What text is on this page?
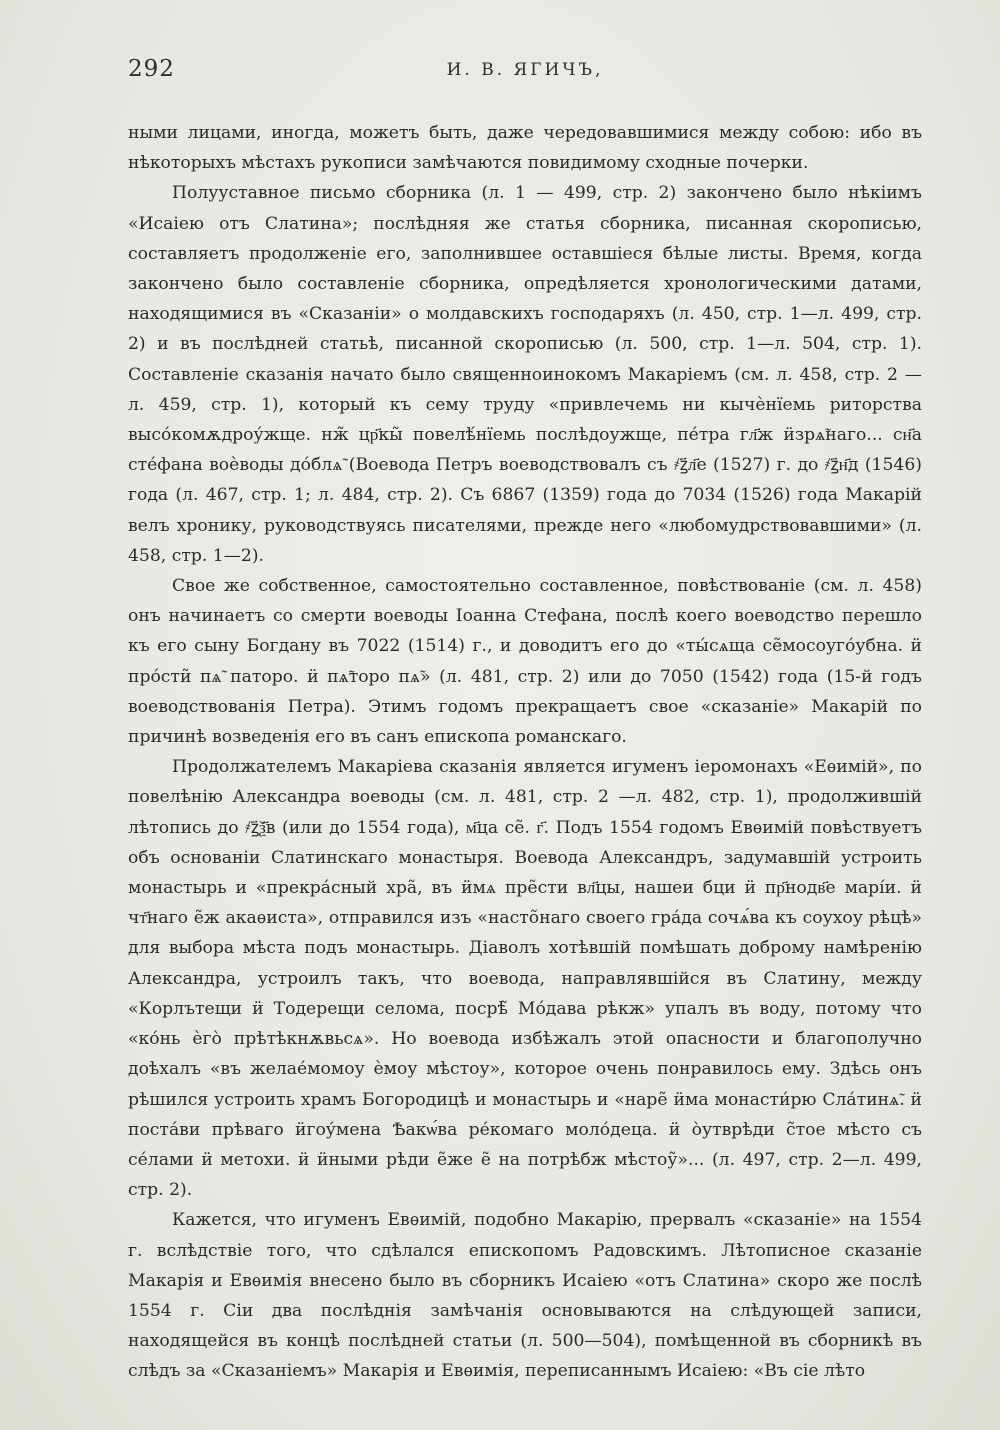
292	И. В. ЯГИЧЪ,

ными лицами, иногда, можетъ быть, даже чередовавшимися между собою: ибо въ нѣкоторыхъ мѣстахъ рукописи замѣчаются повидимому сходные почерки.

Полууставное письмо сборника (л. 1 — 499, стр. 2) закончено было нѣкіимъ «Исаіею отъ Слатина»; послѣдняя же статья сборника, писанная скорописью, составляетъ продолженіе его, заполнившее оставшіеся бѣлые листы. Время, когда закончено было составленіе сборника, опредѣляется хронологическими датами, находящимися въ «Сказаніи» о молдавскихъ господаряхъ (л. 450, стр. 1—л. 499, стр. 2) и въ послѣдней статьѣ, писанной скорописью (л. 500, стр. 1—л. 504, стр. 1). Составленіе сказанія начато было священноинокомъ Макаріемъ (см. л. 458, стр. 2 — л. 459, стр. 1), который къ сему труду «привлечемь ни кычѐнїемь риторства высо́комѫдроу́жще. нж̃ цр҃кы̃ повелѣ́нїемь послѣдоужще, пе́тра гл҃ж ӥзрѧ̃наго... сн҃а сте́фана воѐводы до́блѧ̃ (Воевода Петръ воеводствовалъ съ ҂ꙁ҃л҃е (1527) г. до ҂ꙁ҃н҃д (1546) года (л. 467, стр. 1; л. 484, стр. 2). Съ 6867 (1359) года до 7034 (1526) года Макарій велъ хронику, руководствуясь писателями, прежде него «любомудрствовавшими» (л. 458, стр. 1—2).

Свое же собственное, самостоятельно составленное, повѣствованіе (см. л. 458) онъ начинаетъ со смерти воеводы Іоанна Стефана, послѣ коего воеводство перешло къ его сыну Богдану въ 7022 (1514) г., и доводитъ его до «ты́сѧща се̃мосоуго́убна. ӥ про́сти̃ пѧ̃ паторо. ӥ пѧ̃торо пѧ̃» (л. 481, стр. 2) или до 7050 (1542) года (15-й годъ воеводствованія Петра). Этимъ годомъ прекращаетъ свое «сказаніе» Макарій по причинѣ возведенія его въ санъ епископа романскаго.

Продолжателемъ Макаріева сказанія является игуменъ іеромонахъ «Еѳимій», по повелѣнію Александра воеводы (см. л. 481, стр. 2 —л. 482, стр. 1), продолжившій лѣтопись до ҂ꙁ҃ѯ҃в (или до 1554 года), м҃ца се̃. г҃. Подъ 1554 годомъ Евѳимій повѣствуетъ объ основаніи Слатинскаго монастыря. Воевода Александръ, задумавшій устроить монастырь и «прекра́сный хра̃, въ ӥмѧ пре̃сти вл҃цы, нашеи бци ӥ пр҃нодв҃е марі́и. ӥ чт҃наго е̃ж акаѳиста», отправился изъ «насто̃наго своего гра́да сочѧ́ва къ соухоу рѣцѣ» для выбора мѣста подъ монастырь. Діаволъ хотѣвшій помѣшать доброму намѣренію Александра, устроилъ такъ, что воевода, направлявшійся въ Слатину, между «Корлътещи ӥ Тодерещи селома, посрѣ̃ Мо́дава рѣкж» упалъ въ воду, потому что «ко́нь ѐго̀ прѣтѣкнѫвьсѧ». Но воевода избѣжалъ этой опасности и благополучно доѣхалъ «въ желае́момоу ѐмоу мѣстоу», которое очень понравилось ему. Здѣсь онъ рѣшился устроить храмъ Богородицѣ и монастырь и «наре̃ ӥма монасти́рю Сла́тинѧ̃. ӥ поста́ви прѣваго ӥгоу́мена Ѣакѡ́ва ре́комаго моло́деца. ӥ о̀утврѣди с̃тое мѣсто съ се́лами ӥ метохи. ӥ ӥными рѣди е̃же е̃ на потрѣбж мѣстоу̃»... (л. 497, стр. 2—л. 499, стр. 2).

Кажется, что игуменъ Евѳимій, подобно Макарію, прервалъ «сказаніе» на 1554 г. вслѣдствіе того, что сдѣлался епископомъ Радовскимъ. Лѣтописное сказаніе Макарія и Евѳимія внесено было въ сборникъ Исаіею «отъ Слатина» скоро же послѣ 1554 г. Сіи два послѣднія замѣчанія основываются на слѣдующей записи, находящейся въ концѣ послѣдней статьи (л. 500—504), помѣщенной въ сборникѣ въ слѣдъ за «Сказаніемъ» Макарія и Евѳимія, переписаннымъ Исаіею: «Въ сіе лѣто
